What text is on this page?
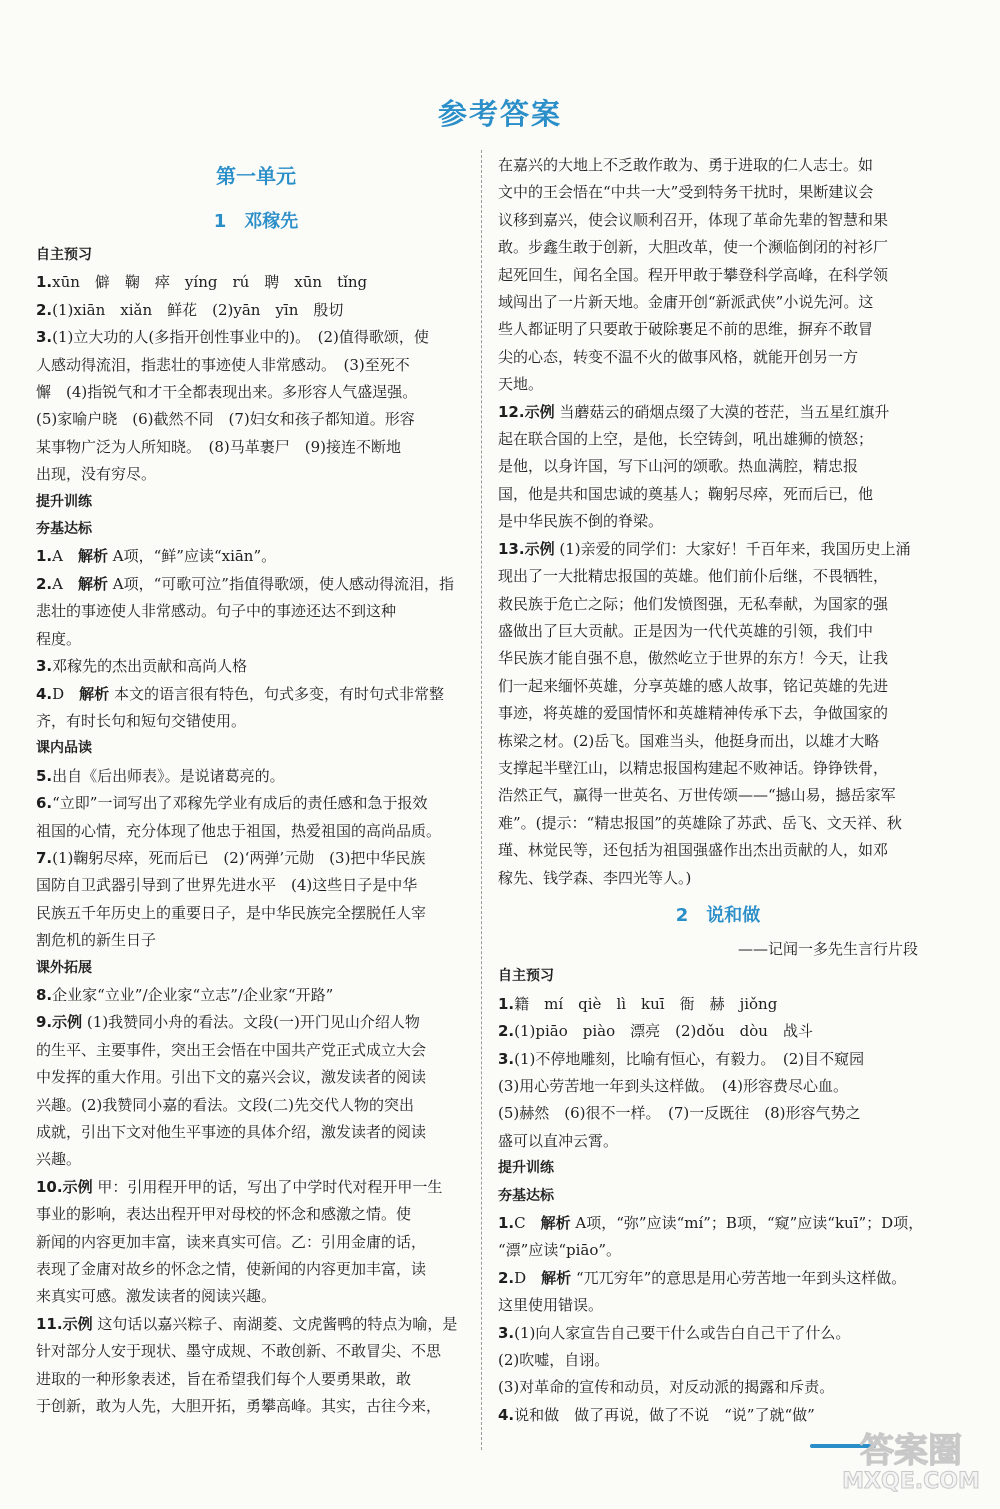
参考答案
第一单元
1　邓稼先
自主预习
1.xūn　僻　鞠　瘁　yíng　rú　聘　xūn　tǐng
2.(1)xiān　xiǎn　鲜花　(2)yān　yīn　殷切
3.(1)立大功的人(多指开创性事业中的)。　(2)值得歌颂，使
人感动得流泪，指悲壮的事迹使人非常感动。　(3)至死不
懈　(4)指锐气和才干全都表现出来。多形容人气盛逞强。
(5)家喻户晓　(6)截然不同　(7)妇女和孩子都知道。形容
某事物广泛为人所知晓。　(8)马革裹尸　(9)接连不断地
出现，没有穷尽。
提升训练
夯基达标
1.A　解析 A项，“鲜”应读“xiān”。
2.A　解析 A项，“可歌可泣”指值得歌颂，使人感动得流泪，指
悲壮的事迹使人非常感动。句子中的事迹还达不到这种
程度。
3.邓稼先的杰出贡献和高尚人格
4.D　解析 本文的语言很有特色，句式多变，有时句式非常整
齐，有时长句和短句交错使用。
课内品读
5.出自《后出师表》。是说诸葛亮的。
6.“立即”一词写出了邓稼先学业有成后的责任感和急于报效
祖国的心情，充分体现了他忠于祖国，热爱祖国的高尚品质。
7.(1)鞠躬尽瘁，死而后已　(2)‘两弹’元勋　(3)把中华民族
国防自卫武器引导到了世界先进水平　(4)这些日子是中华
民族五千年历史上的重要日子，是中华民族完全摆脱任人宰
割危机的新生日子
课外拓展
8.企业家“立业”/企业家“立志”/企业家“开路”
9.示例 (1)我赞同小舟的看法。文段(一)开门见山介绍人物
的生平、主要事件，突出王会悟在中国共产党正式成立大会
中发挥的重大作用。引出下文的嘉兴会议，激发读者的阅读
兴趣。(2)我赞同小嘉的看法。文段(二)先交代人物的突出
成就，引出下文对他生平事迹的具体介绍，激发读者的阅读
兴趣。
10.示例 甲：引用程开甲的话，写出了中学时代对程开甲一生
事业的影响，表达出程开甲对母校的怀念和感激之情。使
新闻的内容更加丰富，读来真实可信。乙：引用金庸的话，
表现了金庸对故乡的怀念之情，使新闻的内容更加丰富，读
来真实可感。激发读者的阅读兴趣。
11.示例 这句话以嘉兴粽子、南湖菱、文虎酱鸭的特点为喻，是
针对部分人安于现状、墨守成规、不敢创新、不敢冒尖、不思
进取的一种形象表述，旨在希望我们每个人要勇果敢，敢
于创新，敢为人先，大胆开拓，勇攀高峰。其实，古往今来，
在嘉兴的大地上不乏敢作敢为、勇于进取的仁人志士。如
文中的王会悟在“中共一大”受到特务干扰时，果断建议会
议移到嘉兴，使会议顺利召开，体现了革命先辈的智慧和果
敢。步鑫生敢于创新，大胆改革，使一个濒临倒闭的衬衫厂
起死回生，闻名全国。程开甲敢于攀登科学高峰，在科学领
域闯出了一片新天地。金庸开创“新派武侠”小说先河。这
些人都证明了只要敢于破除裹足不前的思维，摒弃不敢冒
尖的心态，转变不温不火的做事风格，就能开创另一方
天地。
12.示例 当蘑菇云的硝烟点缀了大漠的苍茫，当五星红旗升
起在联合国的上空，是他，长空铸剑，吼出雄狮的愤怒；
是他，以身许国，写下山河的颂歌。热血满腔，精忠报
国，他是共和国忠诚的奠基人；鞠躬尽瘁，死而后已，他
是中华民族不倒的脊梁。
13.示例 (1)亲爱的同学们：大家好！千百年来，我国历史上涌
现出了一大批精忠报国的英雄。他们前仆后继，不畏牺牲，
救民族于危亡之际；他们发愤图强，无私奉献，为国家的强
盛做出了巨大贡献。正是因为一代代英雄的引领，我们中
华民族才能自强不息，傲然屹立于世界的东方！今天，让我
们一起来缅怀英雄，分享英雄的感人故事，铭记英雄的先进
事迹，将英雄的爱国情怀和英雄精神传承下去，争做国家的
栋梁之材。(2)岳飞。国难当头，他挺身而出，以雄才大略
支撑起半壁江山，以精忠报国构建起不败神话。铮铮铁骨，
浩然正气，赢得一世英名、万世传颂——“撼山易，撼岳家军
难”。(提示：“精忠报国”的英雄除了苏武、岳飞、文天祥、秋
瑾、林觉民等，还包括为祖国强盛作出杰出贡献的人，如邓
稼先、钱学森、李四光等人。)
2　说和做
——记闻一多先生言行片段
自主预习
1.籍　mí　qiè　lì　kuī　衙　赫　jiǒng
2.(1)piāo　piào　漂亮　(2)dǒu　dòu　战斗
3.(1)不停地雕刻，比喻有恒心，有毅力。　(2)目不窥园
(3)用心劳苦地一年到头这样做。　(4)形容费尽心血。
(5)赫然　(6)很不一样。　(7)一反既往　(8)形容气势之
盛可以直冲云霄。
提升训练
夯基达标
1.C　解析 A项，“弥”应读“mí”；B项，“窥”应读“kuī”；D项，
“漂”应读“piāo”。
2.D　解析 “兀兀穷年”的意思是用心劳苦地一年到头这样做。
这里使用错误。
3.(1)向人家宣告自己要干什么或告白自己干了什么。
(2)吹嘘，自诩。
(3)对革命的宣传和动员，对反动派的揭露和斥责。
4.说和做　做了再说，做了不说　“说”了就“做”
答案圈
MXQE.COM
